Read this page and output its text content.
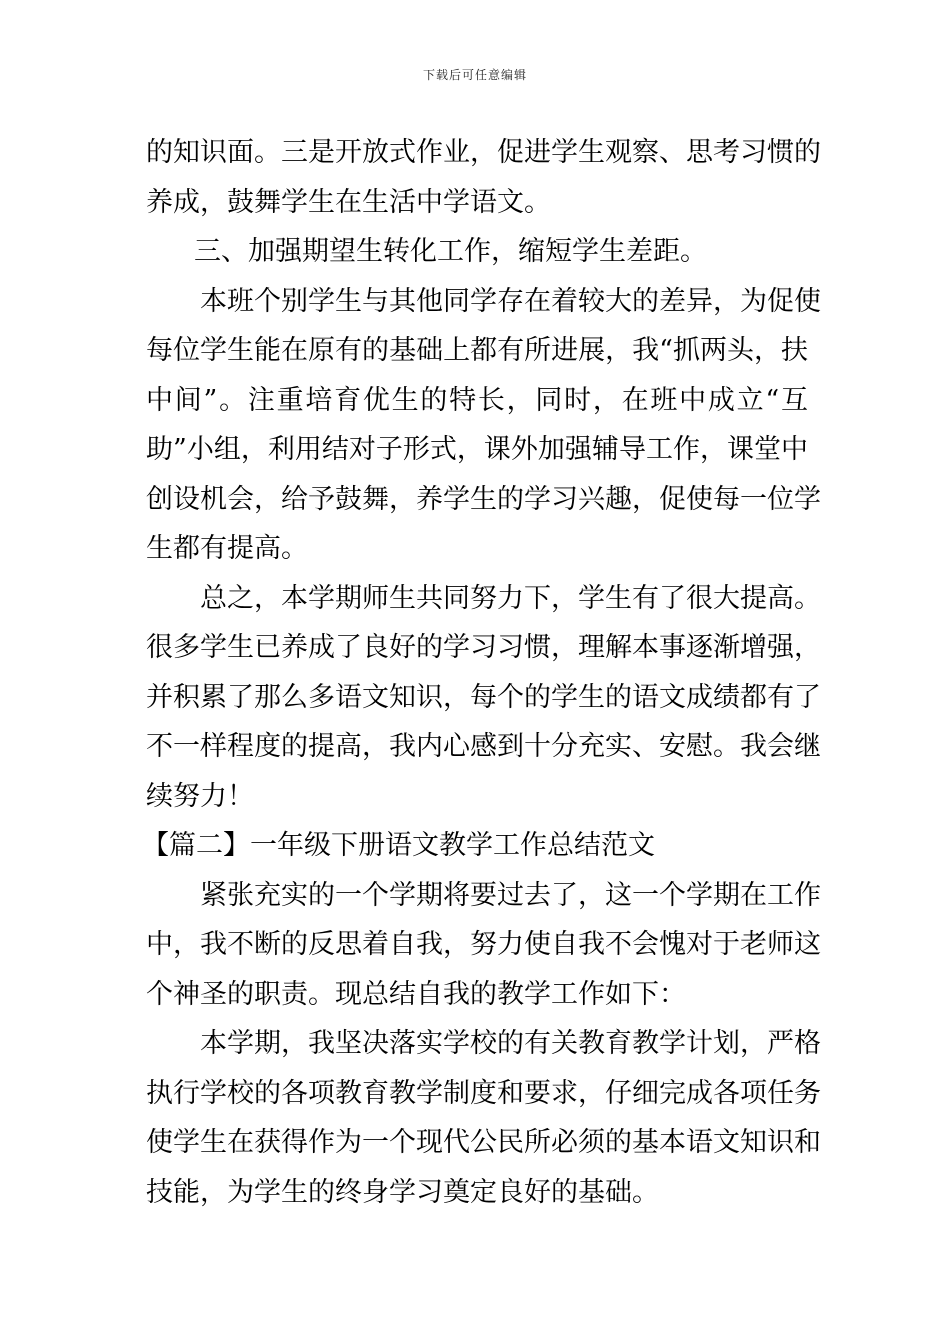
下载后可任意编辑
的知识面。三是开放式作业，促进学生观察、思考习惯的
养成，鼓舞学生在生活中学语文。
三、加强期望生转化工作，缩短学生差距。
本班个别学生与其他同学存在着较大的差异，为促使
每位学生能在原有的基础上都有所进展，我“抓两头，扶
中间”。注重培育优生的特长，同时，在班中成立“互
助”小组，利用结对子形式，课外加强辅导工作，课堂中
创设机会，给予鼓舞，养学生的学习兴趣，促使每一位学
生都有提高。
总之，本学期师生共同努力下，学生有了很大提高。
很多学生已养成了良好的学习习惯，理解本事逐渐增强，
并积累了那么多语文知识，每个的学生的语文成绩都有了
不一样程度的提高，我内心感到十分充实、安慰。我会继
续努力！
【篇二】一年级下册语文教学工作总结范文
紧张充实的一个学期将要过去了，这一个学期在工作
中，我不断的反思着自我，努力使自我不会愧对于老师这
个神圣的职责。现总结自我的教学工作如下：
本学期，我坚决落实学校的有关教育教学计划，严格
执行学校的各项教育教学制度和要求，仔细完成各项任务
使学生在获得作为一个现代公民所必须的基本语文知识和
技能，为学生的终身学习奠定良好的基础。
